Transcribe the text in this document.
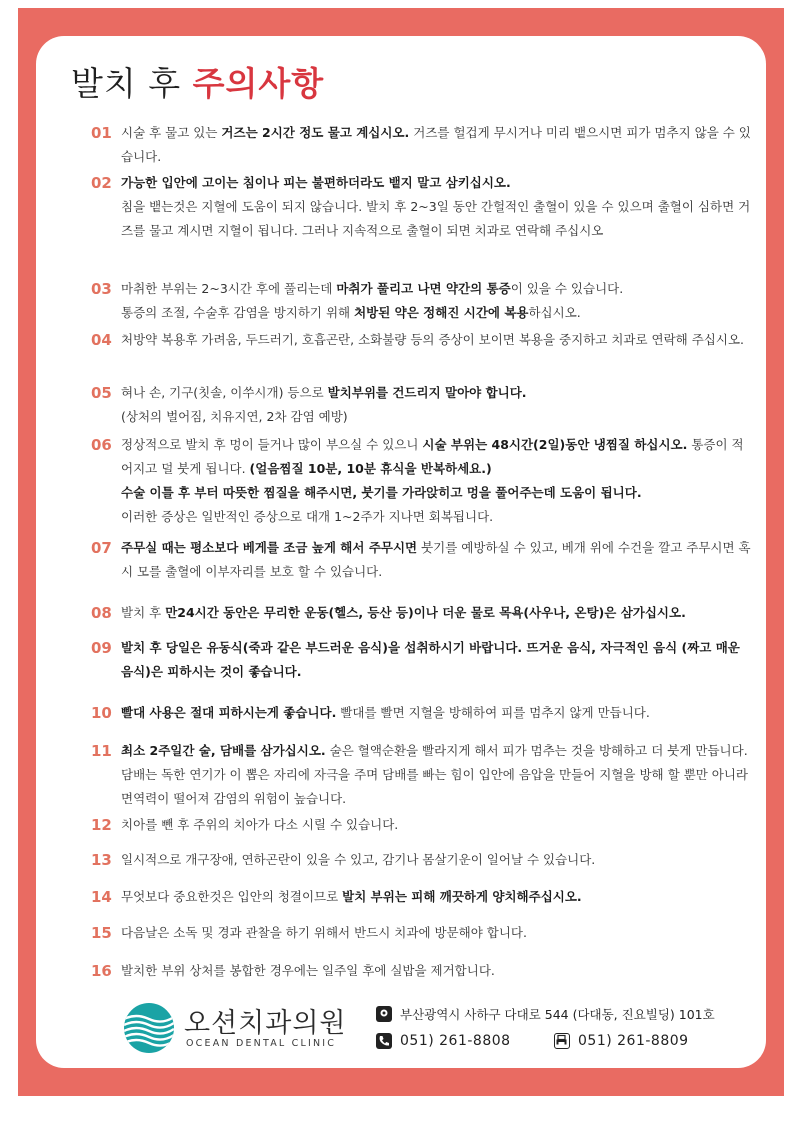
발치 후 주의사항
01 시술 후 물고 있는 거즈는 2시간 정도 물고 계십시오. 거즈를 헐겁게 무시거나 미리 뱉으시면 피가 멈추지 않을 수 있습니다.
02 가능한 입안에 고이는 침이나 피는 불편하더라도 뱉지 말고 삼키십시오.
침을 뱉는것은 지혈에 도움이 되지 않습니다. 발치 후 2~3일 동안 간헐적인 출혈이 있을 수 있으며 출혈이 심하면 거즈를 물고 계시면 지혈이 됩니다. 그러나 지속적으로 출혈이 되면 치과로 연락해 주십시오
03 마취한 부위는 2~3시간 후에 풀리는데 마취가 풀리고 나면 약간의 통증이 있을 수 있습니다.
통증의 조절, 수술후 감염을 방지하기 위해 처방된 약은 정해진 시간에 복용하십시오.
04 처방약 복용후 가려움, 두드러기, 호흡곤란, 소화불량 등의 증상이 보이면 복용을 중지하고 치과로 연락해 주십시오.
05 혀나 손, 기구(칫솔, 이쑤시개) 등으로 발치부위를 건드리지 말아야 합니다.
(상처의 벌어짐, 치유지연, 2차 감염 예방)
06 정상적으로 발치 후 멍이 들거나 많이 부으실 수 있으니 시술 부위는 48시간(2일)동안 냉찜질 하십시오. 통증이 적어지고 덜 붓게 됩니다. (얼음찜질 10분, 10분 휴식을 반복하세요.)
수술 이틀 후 부터 따뜻한 찜질을 해주시면, 붓기를 가라앉히고 멍을 풀어주는데 도움이 됩니다.
이러한 증상은 일반적인 증상으로 대개 1~2주가 지나면 회복됩니다.
07 주무실 때는 평소보다 베게를 조금 높게 해서 주무시면 붓기를 예방하실 수 있고, 베개 위에 수건을 깔고 주무시면 혹시 모를 출혈에 이부자리를 보호 할 수 있습니다.
08 발치 후 만24시간 동안은 무리한 운동(헬스, 등산 등)이나 더운 물로 목욕(사우나, 온탕)은 삼가십시오.
09 발치 후 당일은 유동식(죽과 같은 부드러운 음식)을 섭취하시기 바랍니다. 뜨거운 음식, 자극적인 음식 (짜고 매운 음식)은 피하시는 것이 좋습니다.
10 빨대 사용은 절대 피하시는게 좋습니다. 빨대를 빨면 지혈을 방해하여 피를 멈추지 않게 만듭니다.
11 최소 2주일간 술, 담배를 삼가십시오. 술은 혈액순환을 빨라지게 해서 피가 멈추는 것을 방해하고 더 붓게 만듭니다. 담배는 독한 연기가 이 뽑은 자리에 자극을 주며 담배를 빠는 힘이 입안에 음압을 만들어 지혈을 방해 할 뿐만 아니라 면역력이 떨어져 감염의 위험이 높습니다.
12 치아를 뺀 후 주위의 치아가 다소 시릴 수 있습니다.
13 일시적으로 개구장애, 연하곤란이 있을 수 있고, 감기나 몸살기운이 일어날 수 있습니다.
14 무엇보다 중요한것은 입안의 청결이므로 발치 부위는 피해 깨끗하게 양치해주십시오.
15 다음날은 소독 및 경과 관찰을 하기 위해서 반드시 치과에 방문해야 합니다.
16 발치한 부위 상처를 봉합한 경우에는 일주일 후에 실밥을 제거합니다.
오션치과의원
OCEAN DENTAL CLINIC
부산광역시 사하구 다대로 544 (다대동, 진요빌딩) 101호
051) 261-8808	051) 261-8809
